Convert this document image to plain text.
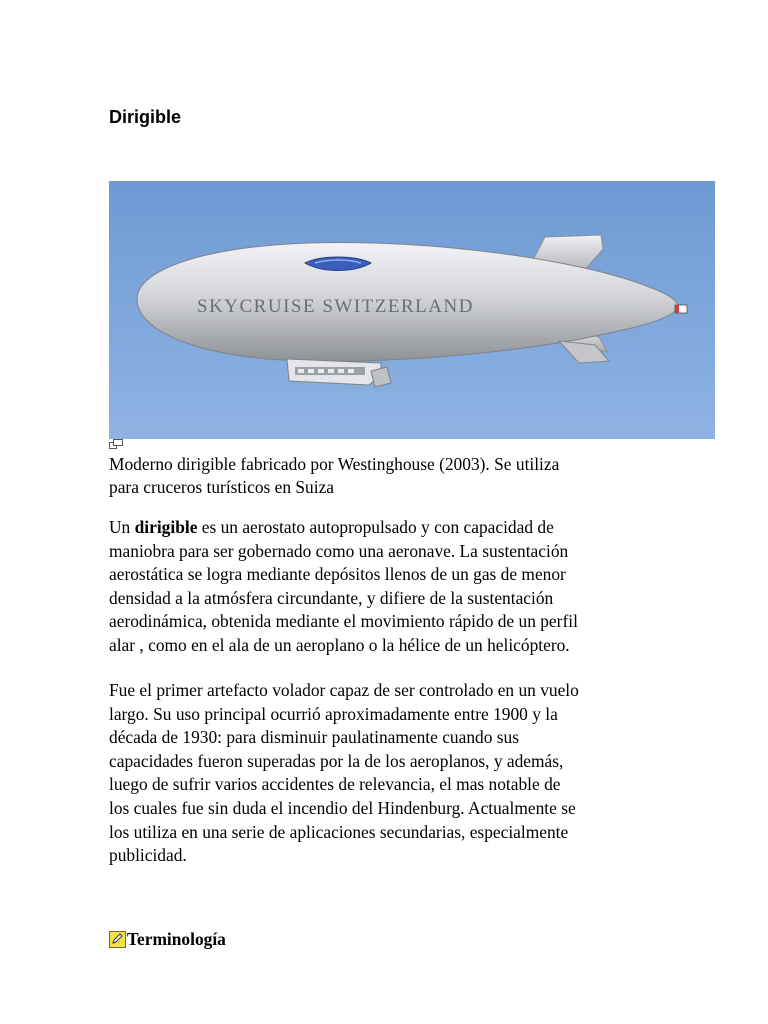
Dirigible
SKYCRUISE SWITZERLAND
Moderno dirigible fabricado por Westinghouse (2003). Se utiliza
para cruceros turísticos en Suiza
Un dirigible es un aerostato autopropulsado y con capacidad de
maniobra para ser gobernado como una aeronave. La sustentación
aerostática se logra mediante depósitos llenos de un gas de menor
densidad a la atmósfera circundante, y difiere de la sustentación
aerodinámica, obtenida mediante el movimiento rápido de un perfil
alar , como en el ala de un aeroplano o la hélice de un helicóptero.
Fue el primer artefacto volador capaz de ser controlado en un vuelo
largo. Su uso principal ocurrió aproximadamente entre 1900 y la
década de 1930: para disminuir paulatinamente cuando sus
capacidades fueron superadas por la de los aeroplanos, y además,
luego de sufrir varios accidentes de relevancia, el mas notable de
los cuales fue sin duda el incendio del Hindenburg. Actualmente se
los utiliza en una serie de aplicaciones secundarias, especialmente
publicidad.
Terminología
